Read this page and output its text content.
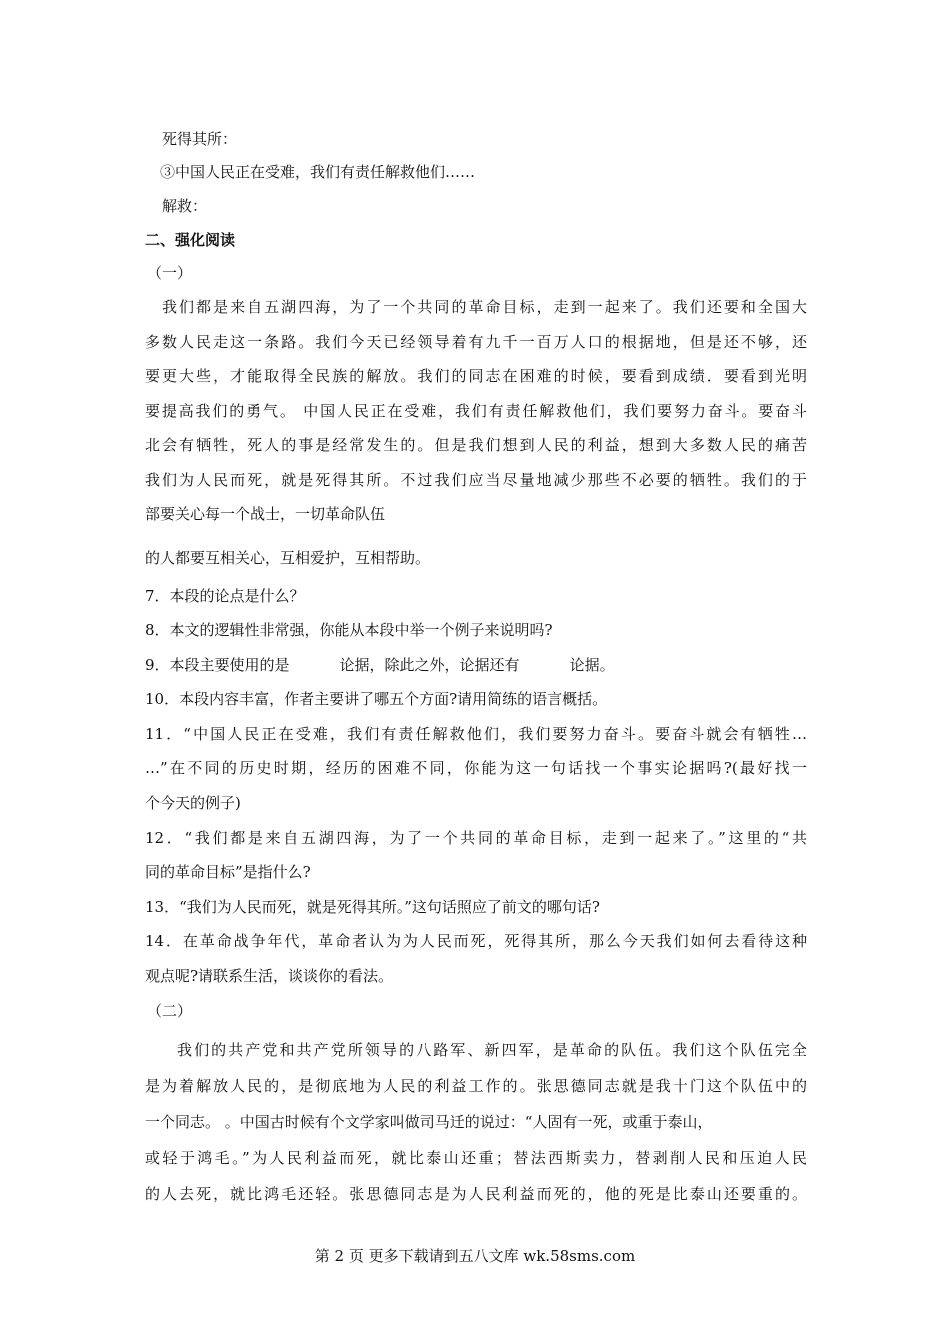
死得其所：
③中国人民正在受难，我们有责任解救他们……
解救：
二、强化阅读
（一）
我们都是来自五湖四海，为了一个共同的革命目标，走到一起来了。我们还要和全国大
多数人民走这一条路。我们今天已经领导着有九千一百万人口的根据地，但是还不够，还
要更大些，才能取得全民族的解放。我们的同志在困难的时候，要看到成绩．要看到光明
要提高我们的勇气。 中国人民正在受难，我们有责任解救他们，我们要努力奋斗。要奋斗
北会有牺牲，死人的事是经常发生的。但是我们想到人民的利益，想到大多数人民的痛苦
我们为人民而死，就是死得其所。不过我们应当尽量地减少那些不必要的牺牲。我们的于
部要关心每一个战士，一切革命队伍
的人都要互相关心，互相爱护，互相帮助。
7．本段的论点是什么？
8．本文的逻辑性非常强，你能从本段中举一个例子来说明吗?
9．本段主要使用的是	论据，除此之外，论据还有	论据。
10．本段内容丰富，作者主要讲了哪五个方面?请用简练的语言概括。
11．“中国人民正在受难，我们有责任解救他们，我们要努力奋斗。要奋斗就会有牺牲…
…”在不同的历史时期，经历的困难不同，你能为这一句话找一个事实论据吗?(最好找一
个今天的例子)
12．“我们都是来自五湖四海，为了一个共同的革命目标，走到一起来了。”这里的“共
同的革命目标”是指什么?
13．“我们为人民而死，就是死得其所。”这句话照应了前文的哪句话?
14．在革命战争年代，革命者认为为人民而死，死得其所，那么今天我们如何去看待这种
观点呢?请联系生活，谈谈你的看法。
（二）
我们的共产党和共产党所领导的八路军、新四军，是革命的队伍。我们这个队伍完全
是为着解放人民的，是彻底地为人民的利益工作的。张思德同志就是我十门这个队伍中的
一个同志。 。中国古时候有个文学家叫做司马迁的说过：“人固有一死，或重于泰山，
或轻于鸿毛。”为人民利益而死，就比泰山还重；替法西斯卖力，替剥削人民和压迫人民
的人去死，就比鸿毛还轻。张思德同志是为人民利益而死的，他的死是比泰山还要重的。
第 2 页 更多下载请到五八文库 wk.58sms.com
